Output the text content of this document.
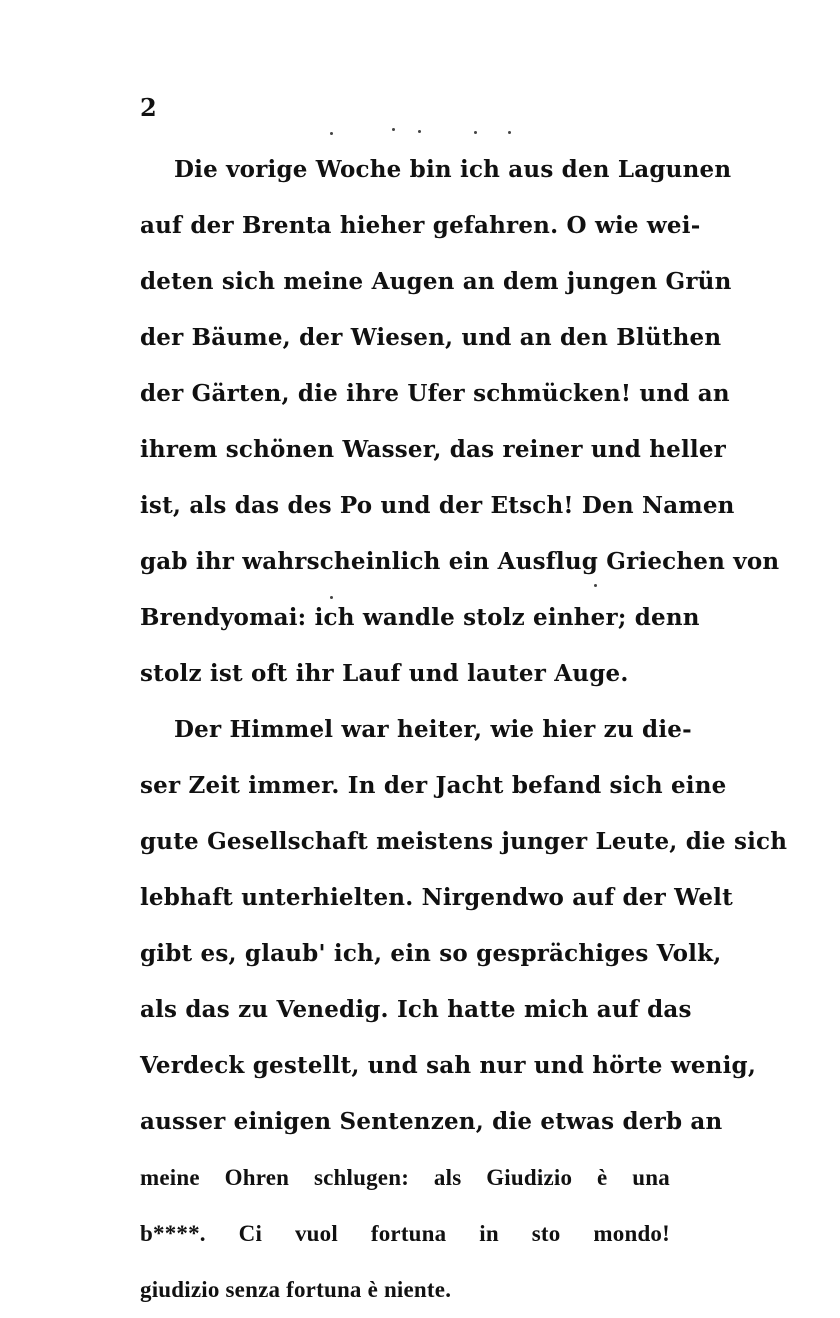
2
Die vorige Woche bin ich aus den Lagunen
auf der Brenta hieher gefahren. O wie wei-
deten sich meine Augen an dem jungen Grün
der Bäume, der Wiesen, und an den Blüthen
der Gärten, die ihre Ufer schmücken! und an
ihrem schönen Wasser, das reiner und heller
ist, als das des Po und der Etsch! Den Namen
gab ihr wahrscheinlich ein Ausflug Griechen von
Brendyomai: ich wandle stolz einher; denn
stolz ist oft ihr Lauf und lauter Auge.
Der Himmel war heiter, wie hier zu die-
ser Zeit immer. In der Jacht befand sich eine
gute Gesellschaft meistens junger Leute, die sich
lebhaft unterhielten. Nirgendwo auf der Welt
gibt es, glaub' ich, ein so gesprächiges Volk,
als das zu Venedig. Ich hatte mich auf das
Verdeck gestellt, und sah nur und hörte wenig,
ausser einigen Sentenzen, die etwas derb an
meine Ohren schlugen: als Giudizio è una
b****. Ci vuol fortuna in sto mondo!
giudizio senza fortuna è niente.
